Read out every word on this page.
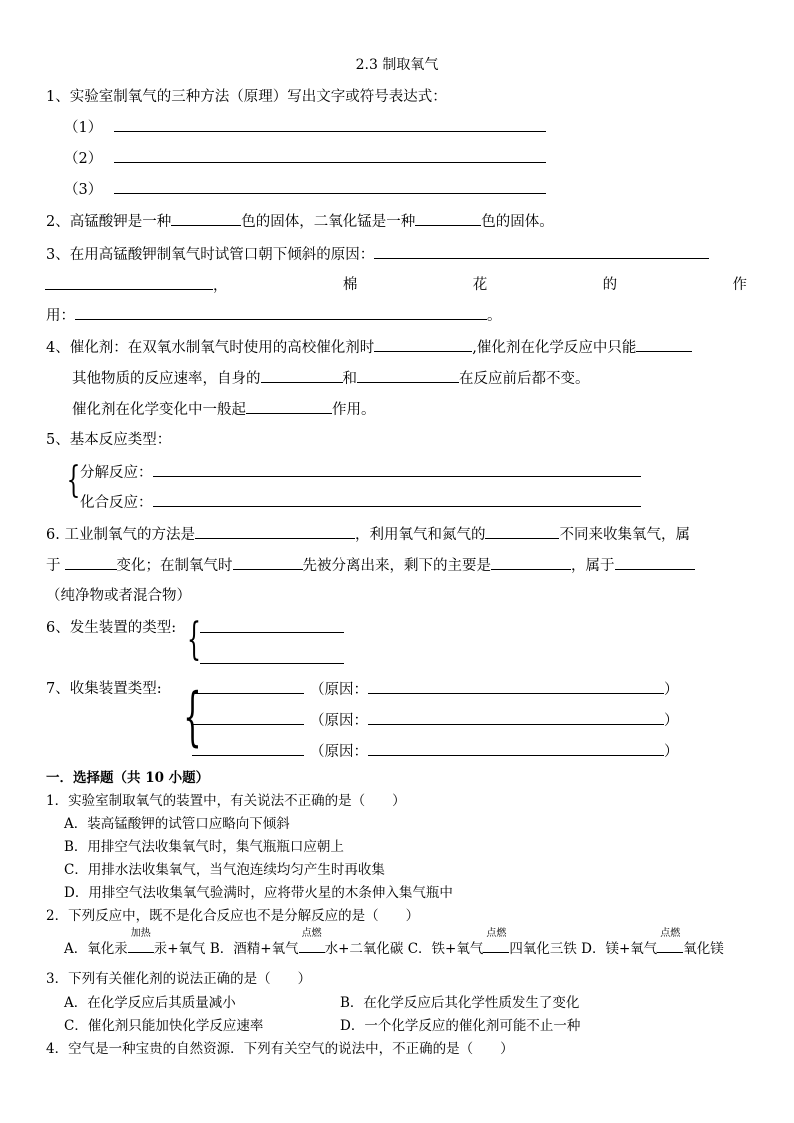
2.3 制取氧气
1、实验室制氧气的三种方法（原理）写出文字或符号表达式：
（1）
（2）
（3）
2、高锰酸钾是一种	色的固体，二氧化锰是一种	色的固体。
3、在用高锰酸钾制氧气时试管口朝下倾斜的原因：
，	棉	花	的	作
用：	。
4、催化剂：在双氧水制氧气时使用的高校催化剂时	,催化剂在化学反应中只能
其他物质的反应速率，自身的	和	在反应前后都不变。
催化剂在化学变化中一般起	作用。
5、基本反应类型：
{ 分解反应：
化合反应：
6. 工业制氧气的方法是	，利用氧气和氮气的	不同来收集氧气，属
于	变化；在制氧气时	先被分离出来，剩下的主要是	，属于
（纯净物或者混合物）
6、发生装置的类型: {
7、收集装置类型: {	（原因：	）
（原因：	）
（原因：	）
一．选择题（共 10 小题）
1．实验室制取氧气的装置中，有关说法不正确的是（　　）
A．装高锰酸钾的试管口应略向下倾斜
B．用排空气法收集氧气时，集气瓶瓶口应朝上
C．用排水法收集氧气，当气泡连续均匀产生时再收集
D．用排空气法收集氧气验满时，应将带火星的木条伸入集气瓶中
2．下列反应中，既不是化合反应也不是分解反应的是（　　）
A．氧化汞
加热
汞+氧气 B．酒精+氧气
点燃
水+二氧化碳 C．铁+氧气
点燃
四氧化三铁 D．镁+氧气
点燃
氧化镁
3．下列有关催化剂的说法正确的是（　　）
A．在化学反应后其质量减小	B．在化学反应后其化学性质发生了变化
C．催化剂只能加快化学反应速率	D．一个化学反应的催化剂可能不止一种
4．空气是一种宝贵的自然资源．下列有关空气的说法中，不正确的是（　　）
